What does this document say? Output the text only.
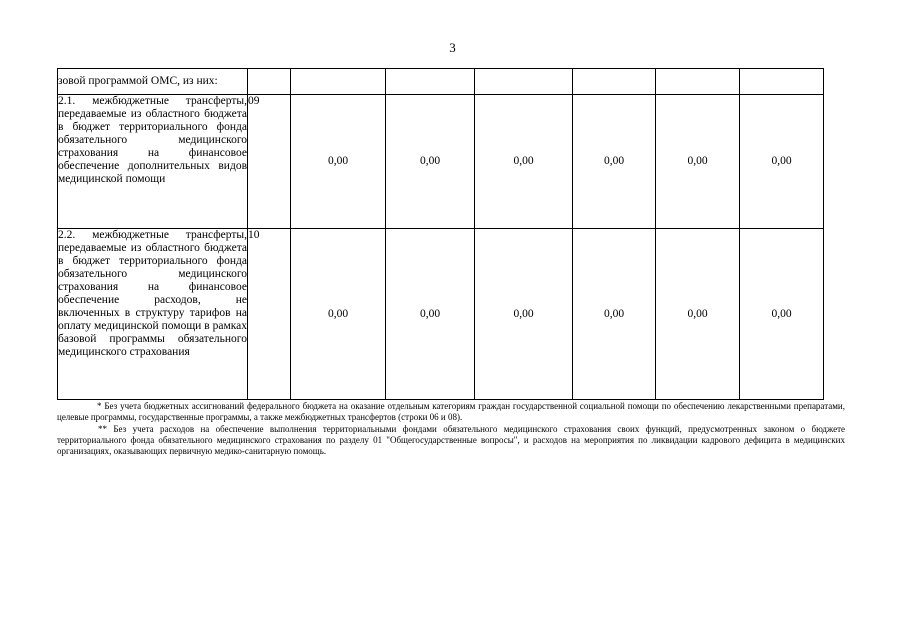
3
зовой программой ОМС, из них:							
2.1. межбюджетные трансферты, передаваемые из областного бюджета в бюджет территориального фонда обязательного медицинского страхования на финансовое обеспечение дополнительных видов медицинской помощи	09	0,00	0,00	0,00	0,00	0,00	0,00
2.2. межбюджетные трансферты, передаваемые из областного бюджета в бюджет территориального фонда обязательного медицинского страхования на финансовое обеспечение расходов, не включенных в структуру тарифов на оплату медицинской помощи в рамках базовой программы обязательного медицинского страхования	10	0,00	0,00	0,00	0,00	0,00	0,00

* Без учета бюджетных ассигнований федерального бюджета на оказание отдельным категориям граждан государственной социальной помощи по обеспечению лекарственными препаратами, целевые программы, государственные программы, а также межбюджетных трансфертов (строки 06 и 08).

** Без учета расходов на обеспечение выполнения территориальными фондами обязательного медицинского страхования своих функций, предусмотренных законом о бюджете территориального фонда обязательного медицинского страхования по разделу 01 "Общегосударственные вопросы", и расходов на мероприятия по ликвидации кадрового дефицита в медицинских организациях, оказывающих первичную медико-санитарную помощь.
